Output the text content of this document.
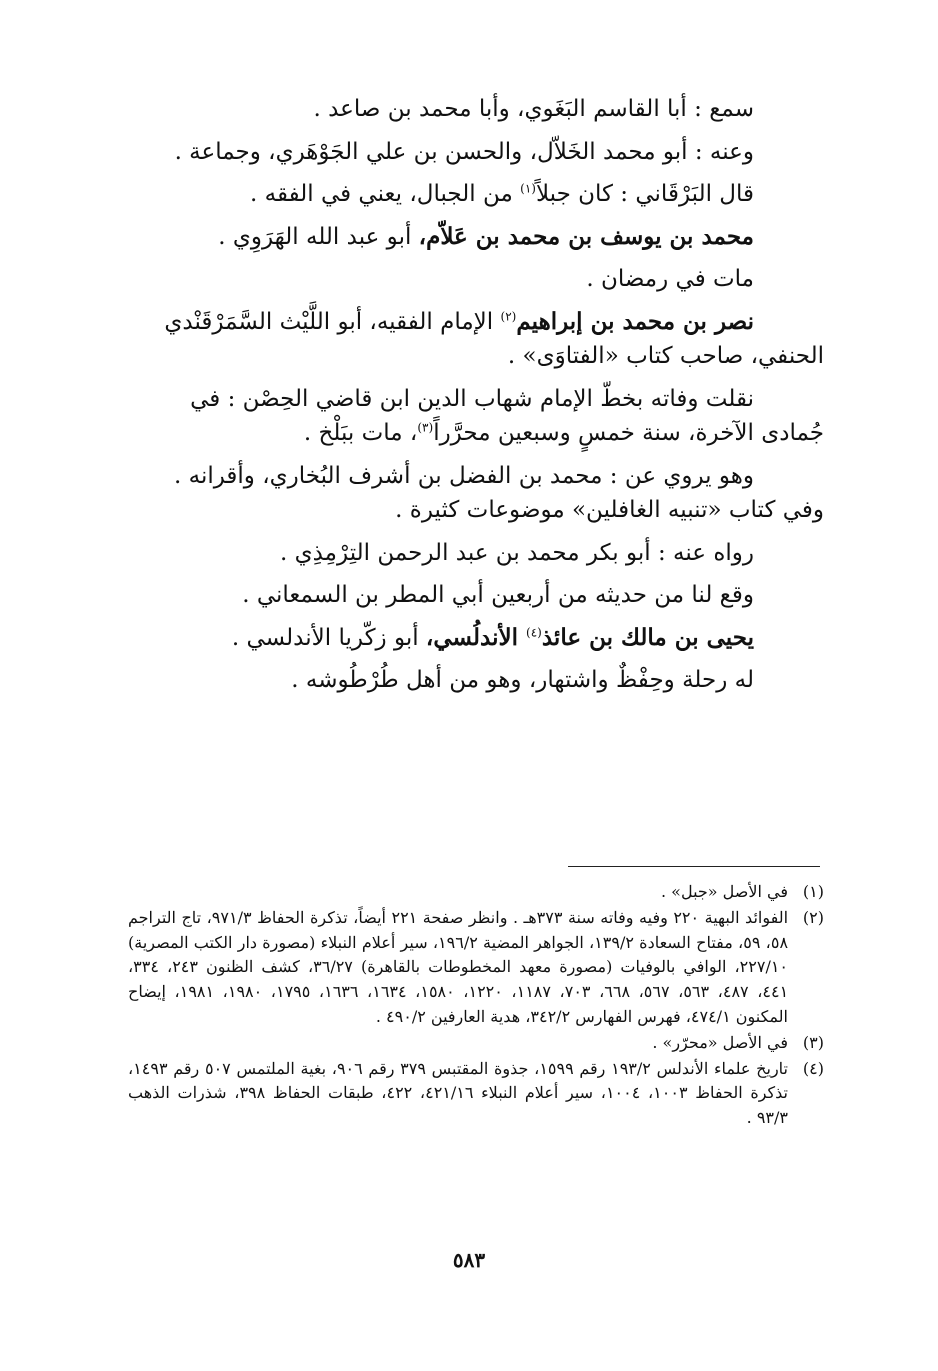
سمع : أبا القاسم البَغَوي، وأبا محمد بن صاعد .
وعنه : أبو محمد الخَلاّل، والحسن بن علي الجَوْهَري، وجماعة .
قال البَرْقَاني : كان جبلاً$^{(١)}$ من الجبال، يعني في الفقه .
محمد بن يوسف بن محمد بن عَلاّم، أبو عبد الله الهَرَوِي .
مات في رمضان .
نصر بن محمد بن إبراهيم$^{(٢)}$ الإمام الفقيه، أبو اللَّيْث السَّمَرْقَنْدي الحنفي، صاحب كتاب «الفتاوَى» .
نقلت وفاته بخطّ الإمام شهاب الدين ابن قاضي الحِصْن : في جُمادى الآخرة، سنة خمسٍ وسبعين محرَّراً$^{(٣)}$، مات ببَلْخ .
وهو يروي عن : محمد بن الفضل بن أشرف البُخاري، وأقرانه . وفي كتاب «تنبيه الغافلين» موضوعات كثيرة .
رواه عنه : أبو بكر محمد بن عبد الرحمن التِرْمِذِي .
وقع لنا من حديثه من أربعين أبي المطر بن السمعاني .
يحيى بن مالك بن عائذ$^{(٤)}$ الأندلُسي، أبو زكّريا الأندلسي .
له رحلة وحِفْظٌ واشتهار، وهو من أهل طُرْطُوشه .
(١)
في الأصل «جبل» .
(٢)
الفوائد البهية ٢٢٠ وفيه وفاته سنة ٣٧٣هـ . وانظر صفحة ٢٢١ أيضاً، تذكرة الحفاظ ٩٧١/٣، تاج التراجم ٥٨، ٥٩، مفتاح السعادة ١٣٩/٢، الجواهر المضية ١٩٦/٢، سير أعلام النبلاء (مصورة دار الكتب المصرية) ٢٢٧/١٠، الوافي بالوفيات (مصورة معهد المخطوطات بالقاهرة) ٣٦/٢٧، كشف الظنون ٢٤٣، ٣٣٤، ٤٤١، ٤٨٧، ٥٦٣، ٥٦٧، ٦٦٨، ٧٠٣، ١١٨٧، ١٢٢٠، ١٥٨٠، ١٦٣٤، ١٦٣٦، ١٧٩٥، ١٩٨٠، ١٩٨١، إيضاح المكنون ٤٧٤/١، فهرس الفهارس ٣٤٢/٢، هدية العارفين ٤٩٠/٢ .
(٣)
في الأصل «محرّر» .
(٤)
تاريخ علماء الأندلس ١٩٣/٢ رقم ١٥٩٩، جذوة المقتبس ٣٧٩ رقم ٩٠٦، بغية الملتمس ٥٠٧ رقم ١٤٩٣، تذكرة الحفاظ ١٠٠٣، ١٠٠٤، سير أعلام النبلاء ٤٢١/١٦، ٤٢٢، طبقات الحفاظ ٣٩٨، شذرات الذهب ٩٣/٣ .
٥٨٣
